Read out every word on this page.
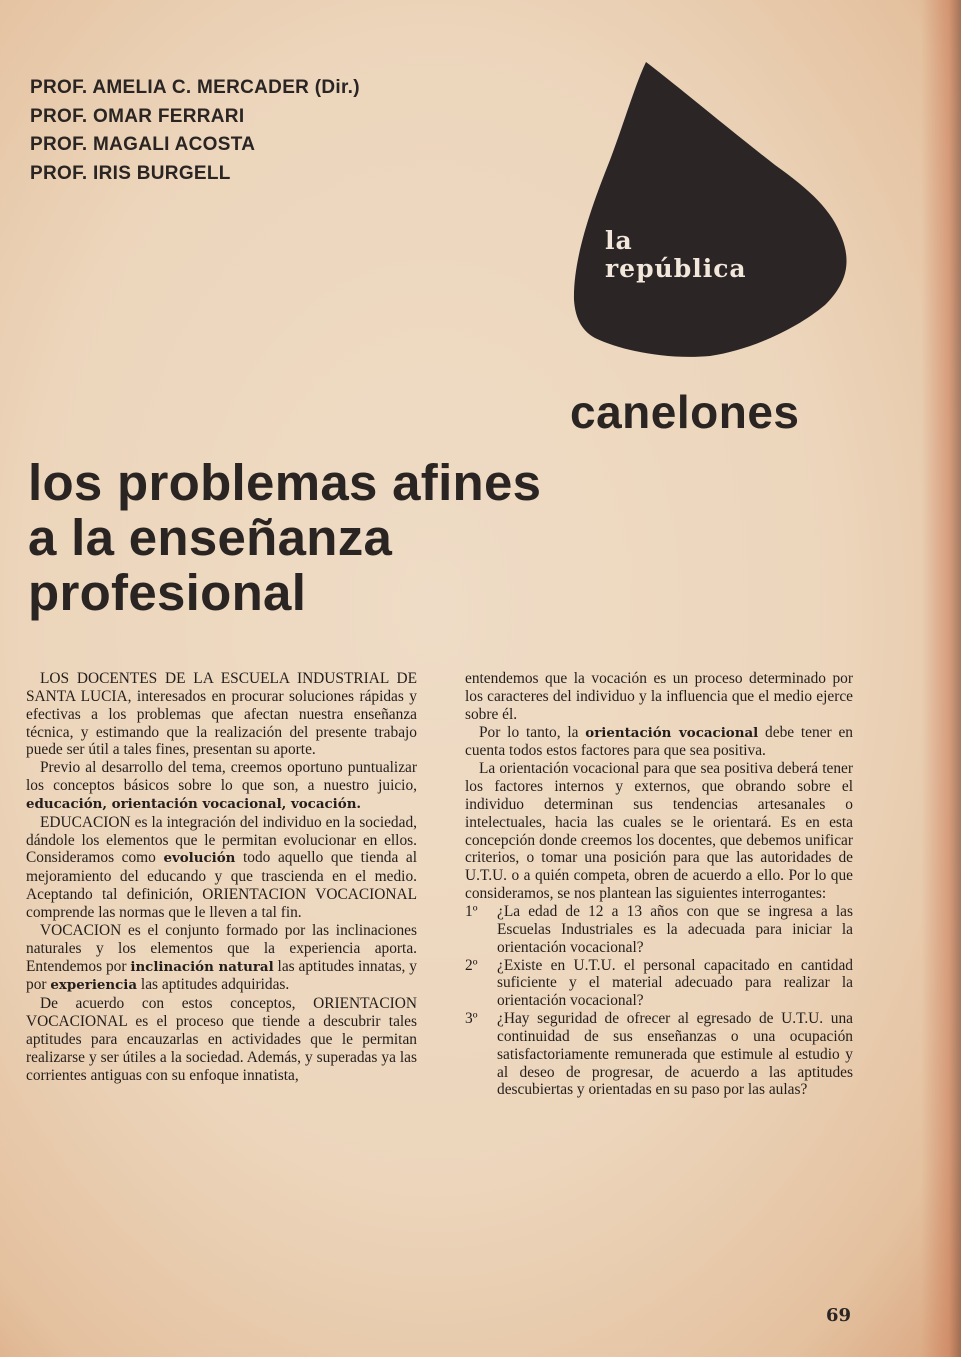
PROF. AMELIA C. MERCADER (Dir.)
PROF. OMAR FERRARI
PROF. MAGALI ACOSTA
PROF. IRIS BURGELL
la
república
canelones
los problemas afines
a la enseñanza
profesional

LOS DOCENTES DE LA ESCUELA INDUSTRIAL DE SANTA LUCIA, interesados en procurar soluciones rápidas y efectivas a los problemas que afectan nuestra enseñanza técnica, y estimando que la realización del presente trabajo puede ser útil a tales fines, presentan su aporte.

Previo al desarrollo del tema, creemos oportuno puntualizar los conceptos básicos sobre lo que son, a nuestro juicio, educación, orientación vocacional, vocación.

EDUCACION es la integración del individuo en la sociedad, dándole los elementos que le permitan evolucionar en ellos. Consideramos como evolución todo aquello que tienda al mejoramiento del educando y que trascienda en el medio. Aceptando tal definición, ORIENTACION VOCACIONAL comprende las normas que le lleven a tal fin.

VOCACION es el conjunto formado por las inclinaciones naturales y los elementos que la experiencia aporta. Entendemos por inclinación natural las aptitudes innatas, y por experiencia las aptitudes adquiridas.

De acuerdo con estos conceptos, ORIENTACION VOCACIONAL es el proceso que tiende a descubrir tales aptitudes para encauzarlas en actividades que le permitan realizarse y ser útiles a la sociedad. Además, y superadas ya las corrientes antiguas con su enfoque innatista,

entendemos que la vocación es un proceso determinado por los caracteres del individuo y la influencia que el medio ejerce sobre él.

Por lo tanto, la orientación vocacional debe tener en cuenta todos estos factores para que sea positiva.

La orientación vocacional para que sea positiva deberá tener los factores internos y externos, que obrando sobre el individuo determinan sus tendencias artesanales o intelectuales, hacia las cuales se le orientará. Es en esta concepción donde creemos los docentes, que debemos unificar criterios, o tomar una posición para que las autoridades de U.T.U. o a quién competa, obren de acuerdo a ello. Por lo que consideramos, se nos plantean las siguientes interrogantes:

1º	¿La edad de 12 a 13 años con que se ingresa a las Escuelas Industriales es la adecuada para iniciar la orientación vocacional?
2º	¿Existe en U.T.U. el personal capacitado en cantidad suficiente y el material adecuado para realizar la orientación vocacional?
3º	¿Hay seguridad de ofrecer al egresado de U.T.U. una continuidad de sus enseñanzas o una ocupación satisfactoriamente remunerada que estimule al estudio y al deseo de progresar, de acuerdo a las aptitudes descubiertas y orientadas en su paso por las aulas?
69
